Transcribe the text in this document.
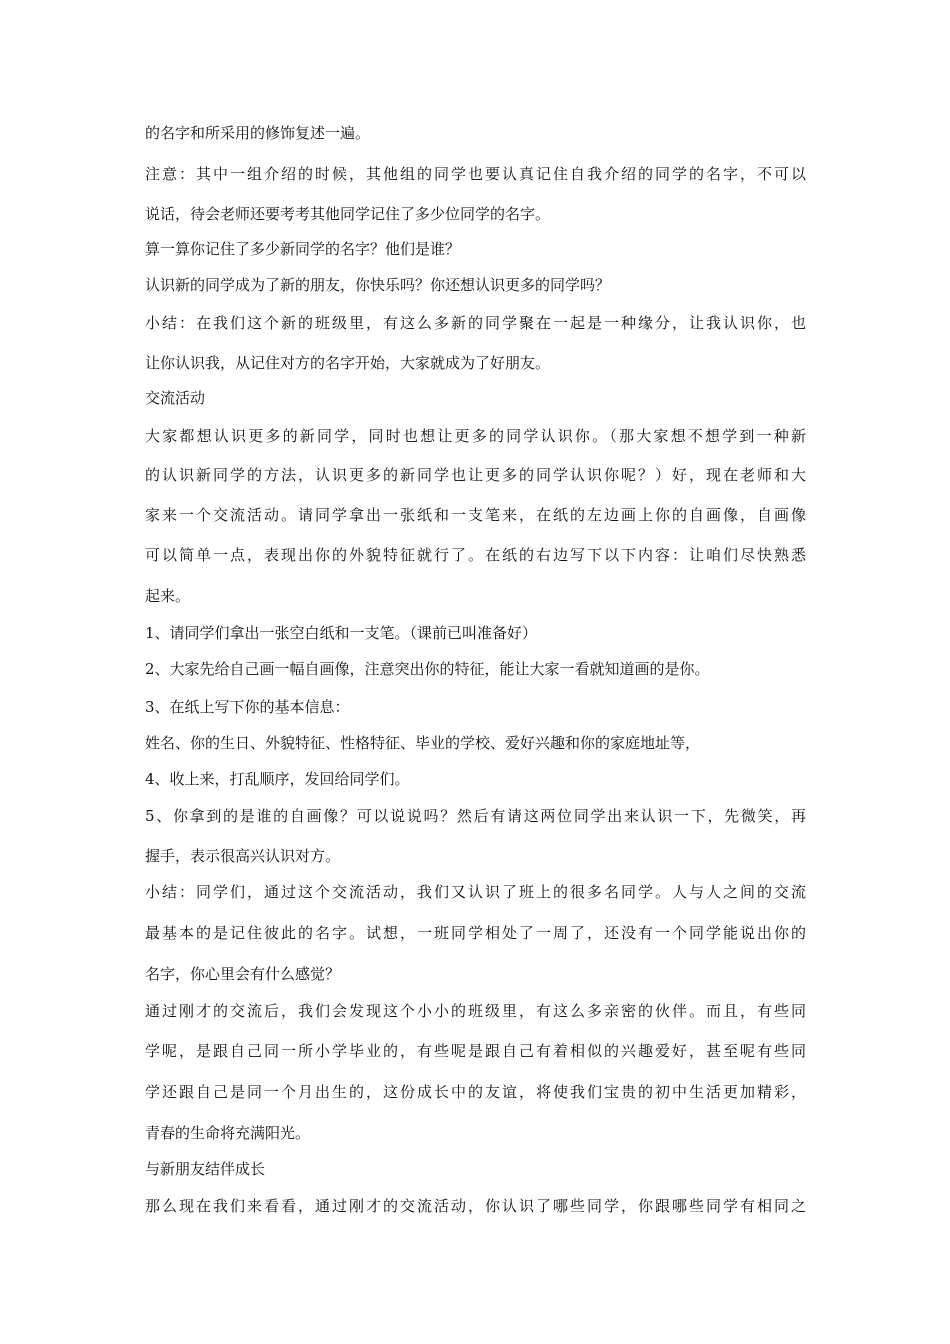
的名字和所采用的修饰复述一遍。
注意：其中一组介绍的时候，其他组的同学也要认真记住自我介绍的同学的名字，不可以
说话，待会老师还要考考其他同学记住了多少位同学的名字。
算一算你记住了多少新同学的名字？他们是谁？
认识新的同学成为了新的朋友，你快乐吗？你还想认识更多的同学吗？
小结：在我们这个新的班级里，有这么多新的同学聚在一起是一种缘分，让我认识你，也
让你认识我，从记住对方的名字开始，大家就成为了好朋友。
交流活动
大家都想认识更多的新同学，同时也想让更多的同学认识你。（那大家想不想学到一种新
的认识新同学的方法，认识更多的新同学也让更多的同学认识你呢？）好，现在老师和大
家来一个交流活动。请同学拿出一张纸和一支笔来，在纸的左边画上你的自画像，自画像
可以简单一点，表现出你的外貌特征就行了。在纸的右边写下以下内容：让咱们尽快熟悉
起来。
1、请同学们拿出一张空白纸和一支笔。（课前已叫准备好）
2、大家先给自己画一幅自画像，注意突出你的特征，能让大家一看就知道画的是你。
3、在纸上写下你的基本信息：
姓名、你的生日、外貌特征、性格特征、毕业的学校、爱好兴趣和你的家庭地址等，
4、收上来，打乱顺序，发回给同学们。
5、你拿到的是谁的自画像？可以说说吗？然后有请这两位同学出来认识一下，先微笑，再
握手，表示很高兴认识对方。
小结：同学们，通过这个交流活动，我们又认识了班上的很多名同学。人与人之间的交流
最基本的是记住彼此的名字。试想，一班同学相处了一周了，还没有一个同学能说出你的
名字，你心里会有什么感觉？
通过刚才的交流后，我们会发现这个小小的班级里，有这么多亲密的伙伴。而且，有些同
学呢，是跟自己同一所小学毕业的，有些呢是跟自己有着相似的兴趣爱好，甚至呢有些同
学还跟自己是同一个月出生的，这份成长中的友谊，将使我们宝贵的初中生活更加精彩，
青春的生命将充满阳光。
与新朋友结伴成长
那么现在我们来看看，通过刚才的交流活动，你认识了哪些同学，你跟哪些同学有相同之
